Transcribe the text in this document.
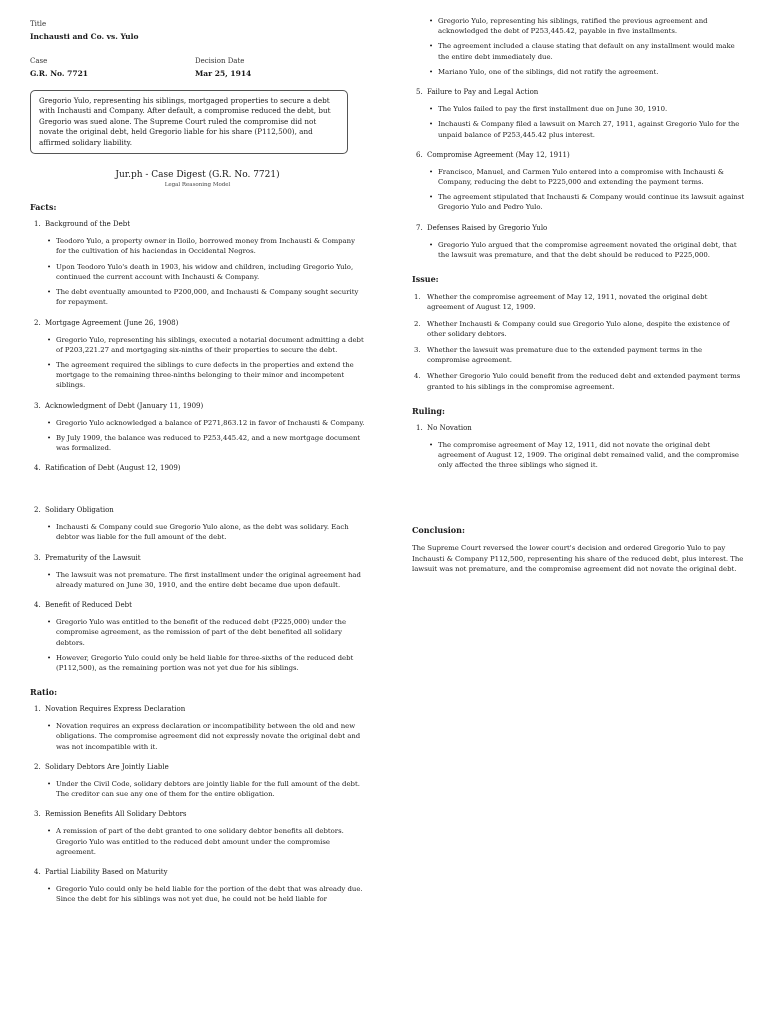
Title
Inchausti and Co. vs. Yulo
Case
G.R. No. 7721
Decision Date
Mar 25, 1914
Gregorio Yulo, representing his siblings, mortgaged properties to secure a debt with Inchausti and Company. After default, a compromise reduced the debt, but Gregorio was sued alone. The Supreme Court ruled the compromise did not novate the original debt, held Gregorio liable for his share (P112,500), and affirmed solidary liability.
Jur.ph - Case Digest (G.R. No. 7721)
Legal Reasoning Model
Facts:
1. Background of the Debt
• Teodoro Yulo, a property owner in Iloilo, borrowed money from Inchausti & Company for the cultivation of his haciendas in Occidental Negros.
• Upon Teodoro Yulo's death in 1903, his widow and children, including Gregorio Yulo, continued the current account with Inchausti & Company.
• The debt eventually amounted to P200,000, and Inchausti & Company sought security for repayment.
2. Mortgage Agreement (June 26, 1908)
• Gregorio Yulo, representing his siblings, executed a notarial document admitting a debt of P203,221.27 and mortgaging six-ninths of their properties to secure the debt.
• The agreement required the siblings to cure defects in the properties and extend the mortgage to the remaining three-ninths belonging to their minor and incompetent siblings.
3. Acknowledgment of Debt (January 11, 1909)
• Gregorio Yulo acknowledged a balance of P271,863.12 in favor of Inchausti & Company.
• By July 1909, the balance was reduced to P253,445.42, and a new mortgage document was formalized.
4. Ratification of Debt (August 12, 1909)
2. Solidary Obligation
• Inchausti & Company could sue Gregorio Yulo alone, as the debt was solidary. Each debtor was liable for the full amount of the debt.
3. Prematurity of the Lawsuit
• The lawsuit was not premature. The first installment under the original agreement had already matured on June 30, 1910, and the entire debt became due upon default.
4. Benefit of Reduced Debt
• Gregorio Yulo was entitled to the benefit of the reduced debt (P225,000) under the compromise agreement, as the remission of part of the debt benefited all solidary debtors.
• However, Gregorio Yulo could only be held liable for three-sixths of the reduced debt (P112,500), as the remaining portion was not yet due for his siblings.
Ratio:
1. Novation Requires Express Declaration
• Novation requires an express declaration or incompatibility between the old and new obligations. The compromise agreement did not expressly novate the original debt and was not incompatible with it.
2. Solidary Debtors Are Jointly Liable
• Under the Civil Code, solidary debtors are jointly liable for the full amount of the debt. The creditor can sue any one of them for the entire obligation.
3. Remission Benefits All Solidary Debtors
• A remission of part of the debt granted to one solidary debtor benefits all debtors. Gregorio Yulo was entitled to the reduced debt amount under the compromise agreement.
4. Partial Liability Based on Maturity
• Gregorio Yulo could only be held liable for the portion of the debt that was already due. Since the debt for his siblings was not yet due, he could not be held liable for
• Gregorio Yulo, representing his siblings, ratified the previous agreement and acknowledged the debt of P253,445.42, payable in five installments.
• The agreement included a clause stating that default on any installment would make the entire debt immediately due.
• Mariano Yulo, one of the siblings, did not ratify the agreement.
5. Failure to Pay and Legal Action
• The Yulos failed to pay the first installment due on June 30, 1910.
• Inchausti & Company filed a lawsuit on March 27, 1911, against Gregorio Yulo for the unpaid balance of P253,445.42 plus interest.
6. Compromise Agreement (May 12, 1911)
• Francisco, Manuel, and Carmen Yulo entered into a compromise with Inchausti & Company, reducing the debt to P225,000 and extending the payment terms.
• The agreement stipulated that Inchausti & Company would continue its lawsuit against Gregorio Yulo and Pedro Yulo.
7. Defenses Raised by Gregorio Yulo
• Gregorio Yulo argued that the compromise agreement novated the original debt, that the lawsuit was premature, and that the debt should be reduced to P225,000.
Issue:
1. Whether the compromise agreement of May 12, 1911, novated the original debt agreement of August 12, 1909.
2. Whether Inchausti & Company could sue Gregorio Yulo alone, despite the existence of other solidary debtors.
3. Whether the lawsuit was premature due to the extended payment terms in the compromise agreement.
4. Whether Gregorio Yulo could benefit from the reduced debt and extended payment terms granted to his siblings in the compromise agreement.
Ruling:
1. No Novation
• The compromise agreement of May 12, 1911, did not novate the original debt agreement of August 12, 1909. The original debt remained valid, and the compromise only affected the three siblings who signed it.
Conclusion:
The Supreme Court reversed the lower court's decision and ordered Gregorio Yulo to pay Inchausti & Company P112,500, representing his share of the reduced debt, plus interest. The lawsuit was not premature, and the compromise agreement did not novate the original debt.
